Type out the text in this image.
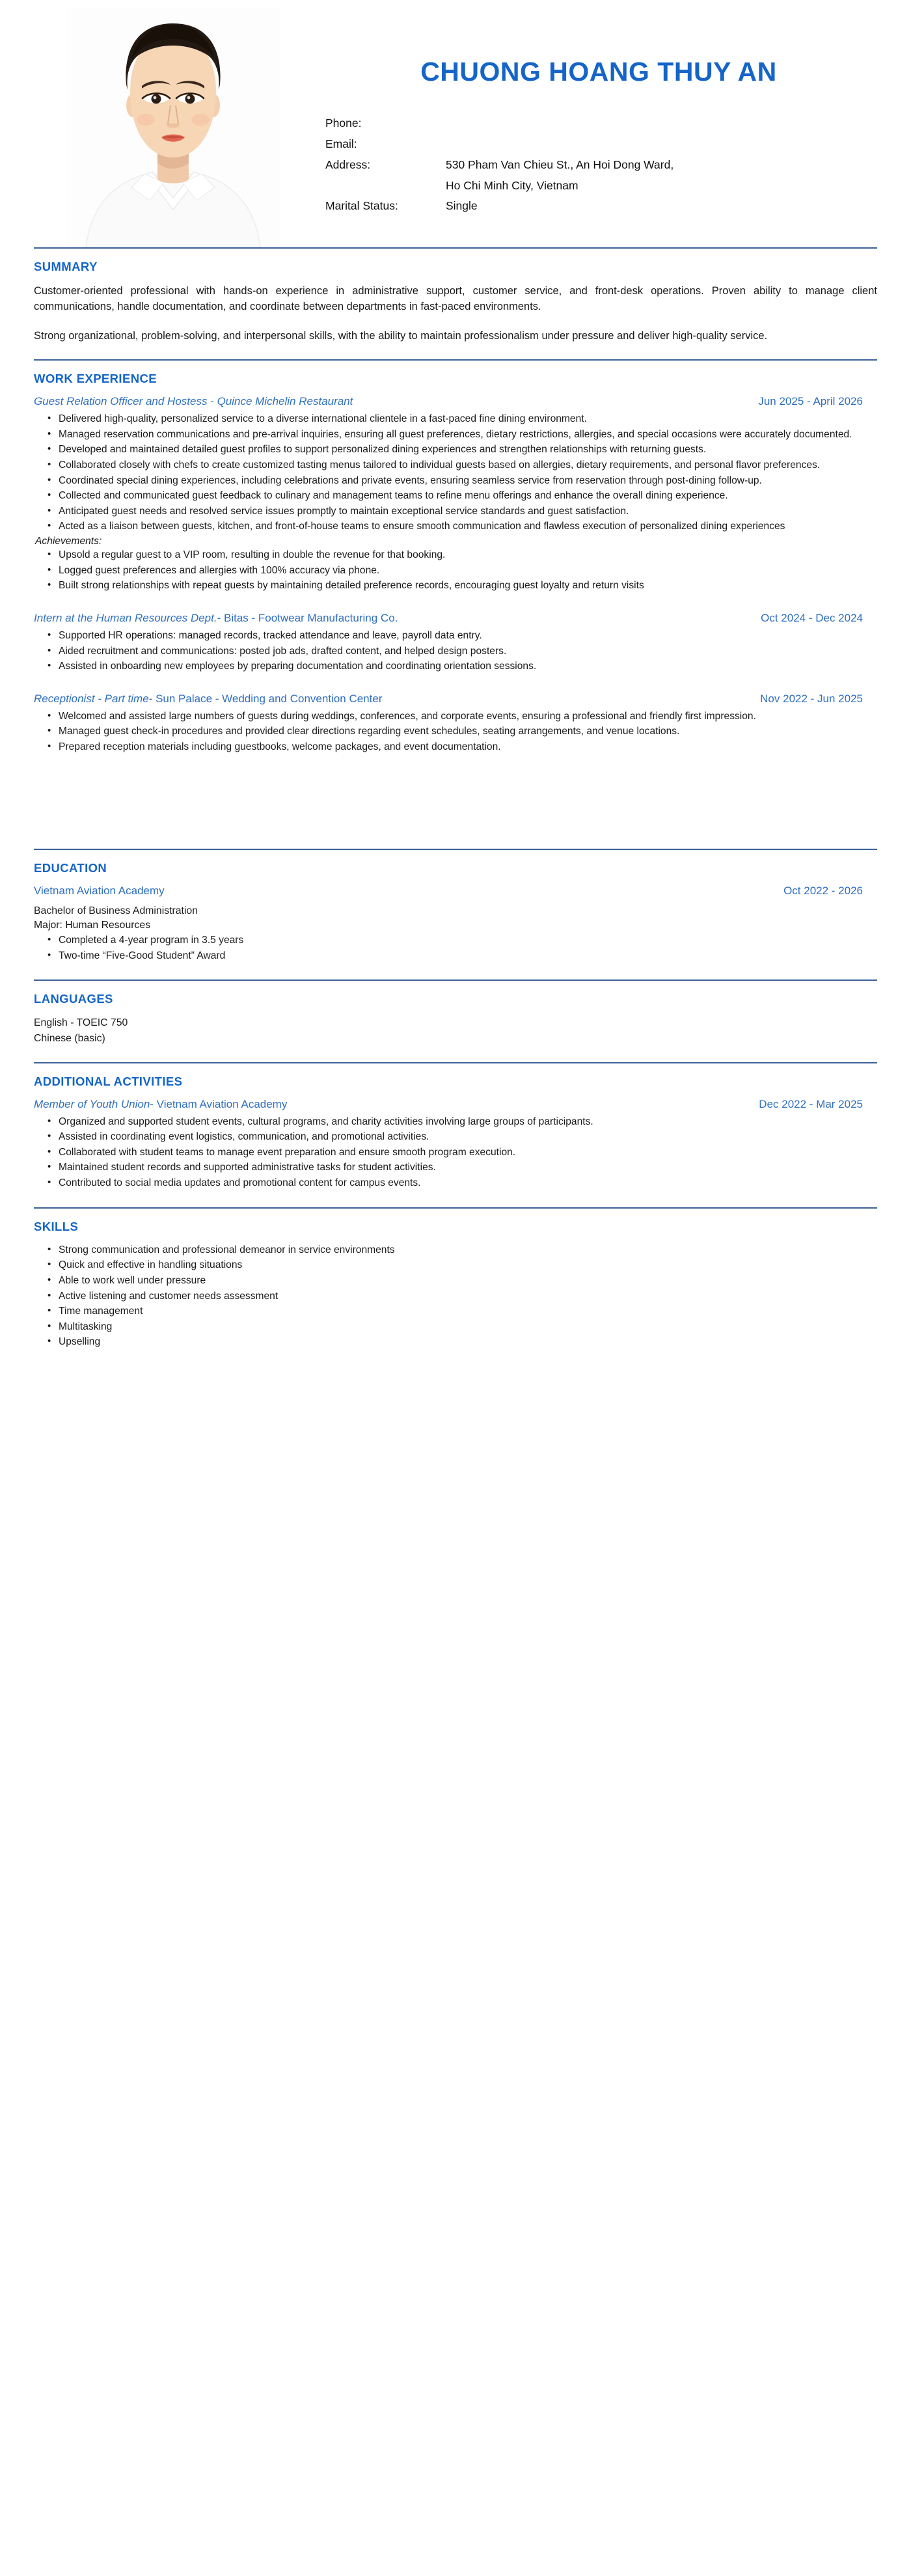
CHUONG HOANG THUY AN
Phone:	
Email:	
Address:	530 Pham Van Chieu St., An Hoi Dong Ward,
	Ho Chi Minh City, Vietnam
Marital Status:	Single
SUMMARY

Customer-oriented professional with hands-on experience in administrative support, customer service, and front-desk operations. Proven ability to manage client communications, handle documentation, and coordinate between departments in fast-paced environments.

Strong organizational, problem-solving, and interpersonal skills, with the ability to maintain professionalism under pressure and deliver high-quality service.

WORK EXPERIENCE
Guest Relation Officer and Hostess - Quince Michelin Restaurant	Jun 2025 - April 2026
• Delivered high-quality, personalized service to a diverse international clientele in a fast-paced fine dining environment.
• Managed reservation communications and pre-arrival inquiries, ensuring all guest preferences, dietary restrictions, allergies, and special occasions were accurately documented.
• Developed and maintained detailed guest profiles to support personalized dining experiences and strengthen relationships with returning guests.
• Collaborated closely with chefs to create customized tasting menus tailored to individual guests based on allergies, dietary requirements, and personal flavor preferences.
• Coordinated special dining experiences, including celebrations and private events, ensuring seamless service from reservation through post-dining follow-up.
• Collected and communicated guest feedback to culinary and management teams to refine menu offerings and enhance the overall dining experience.
• Anticipated guest needs and resolved service issues promptly to maintain exceptional service standards and guest satisfaction.
• Acted as a liaison between guests, kitchen, and front-of-house teams to ensure smooth communication and flawless execution of personalized dining experiences
Achievements:
• Upsold a regular guest to a VIP room, resulting in double the revenue for that booking.
• Logged guest preferences and allergies with 100% accuracy via phone.
• Built strong relationships with repeat guests by maintaining detailed preference records, encouraging guest loyalty and return visits
Intern at the Human Resources Dept. - Bitas - Footwear Manufacturing Co.	Oct 2024 - Dec 2024
• Supported HR operations: managed records, tracked attendance and leave, payroll data entry.
• Aided recruitment and communications: posted job ads, drafted content, and helped design posters.
• Assisted in onboarding new employees by preparing documentation and coordinating orientation sessions.
Receptionist - Part time - Sun Palace - Wedding and Convention Center	Nov 2022 - Jun 2025
• Welcomed and assisted large numbers of guests during weddings, conferences, and corporate events, ensuring a professional and friendly first impression.
• Managed guest check-in procedures and provided clear directions regarding event schedules, seating arrangements, and venue locations.
• Prepared reception materials including guestbooks, welcome packages, and event documentation.
EDUCATION
Vietnam Aviation Academy	Oct 2022 - 2026
Bachelor of Business Administration
Major: Human Resources
• Completed a 4-year program in 3.5 years
• Two-time “Five-Good Student” Award
LANGUAGES
English - TOEIC 750
Chinese (basic)
ADDITIONAL ACTIVITIES
Member of Youth Union - Vietnam Aviation Academy	Dec 2022 - Mar 2025
• Organized and supported student events, cultural programs, and charity activities involving large groups of participants.
• Assisted in coordinating event logistics, communication, and promotional activities.
• Collaborated with student teams to manage event preparation and ensure smooth program execution.
• Maintained student records and supported administrative tasks for student activities.
• Contributed to social media updates and promotional content for campus events.
SKILLS
• Strong communication and professional demeanor in service environments
• Quick and effective in handling situations
• Able to work well under pressure
• Active listening and customer needs assessment
• Time management
• Multitasking
• Upselling
